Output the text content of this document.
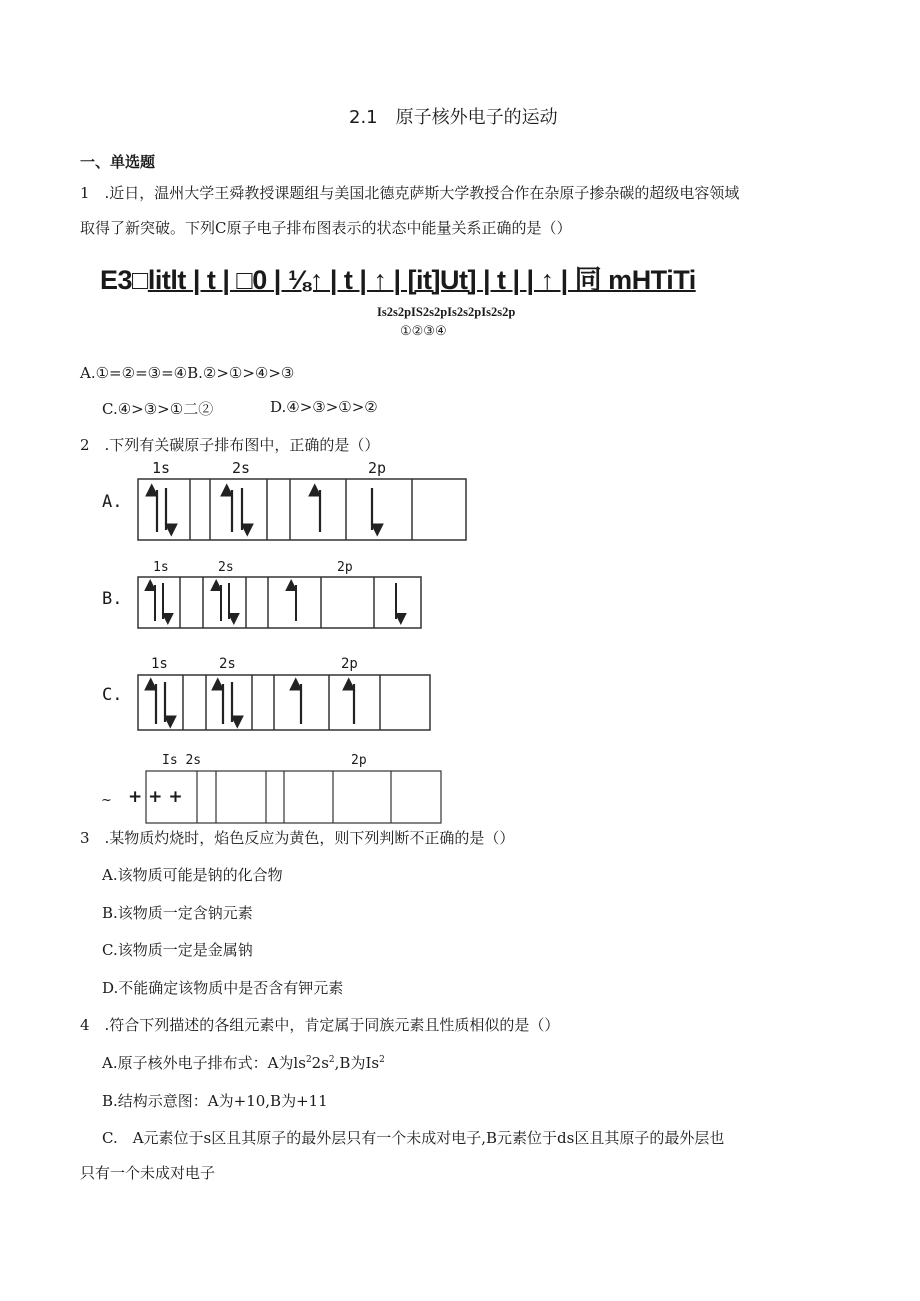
2.1　原子核外电子的运动
一、单选题
1　.近日，温州大学王舜教授课题组与美国北德克萨斯大学教授合作在杂原子掺杂碳的超级电容领域
取得了新突破。下列C原子电子排布图表示的状态中能量关系正确的是（）
E3□litlt | t | □0 | ⅛↑ | t | ↑ | [it]Ut] | t | | ↑ | 同 mHTiTi
Is2s2pIS2s2pIs2s2pIs2s2p
①②③④
A.①=②=③=④B.②>①>④>③
C.④>③>①二②	D.④>③>①>②
2　.下列有关碳原子排布图中，正确的是（）
1s	2s	2p
A.
1s	2s	2p
B.
1s	2s	2p
C.
Is 2s	2p
~ + + +
3　.某物质灼烧时，焰色反应为黄色，则下列判断不正确的是（）
A.该物质可能是钠的化合物
B.该物质一定含钠元素
C.该物质一定是金属钠
D.不能确定该物质中是否含有钾元素
4　.符合下列描述的各组元素中，肯定属于同族元素且性质相似的是（）
A.原子核外电子排布式：A为$ls^22s^2,B$为Is$^2$
B.结构示意图：A为+10,B为+11
C.　A元素位于s区且其原子的最外层只有一个未成对电子,B元素位于ds区且其原子的最外层也
只有一个未成对电子
